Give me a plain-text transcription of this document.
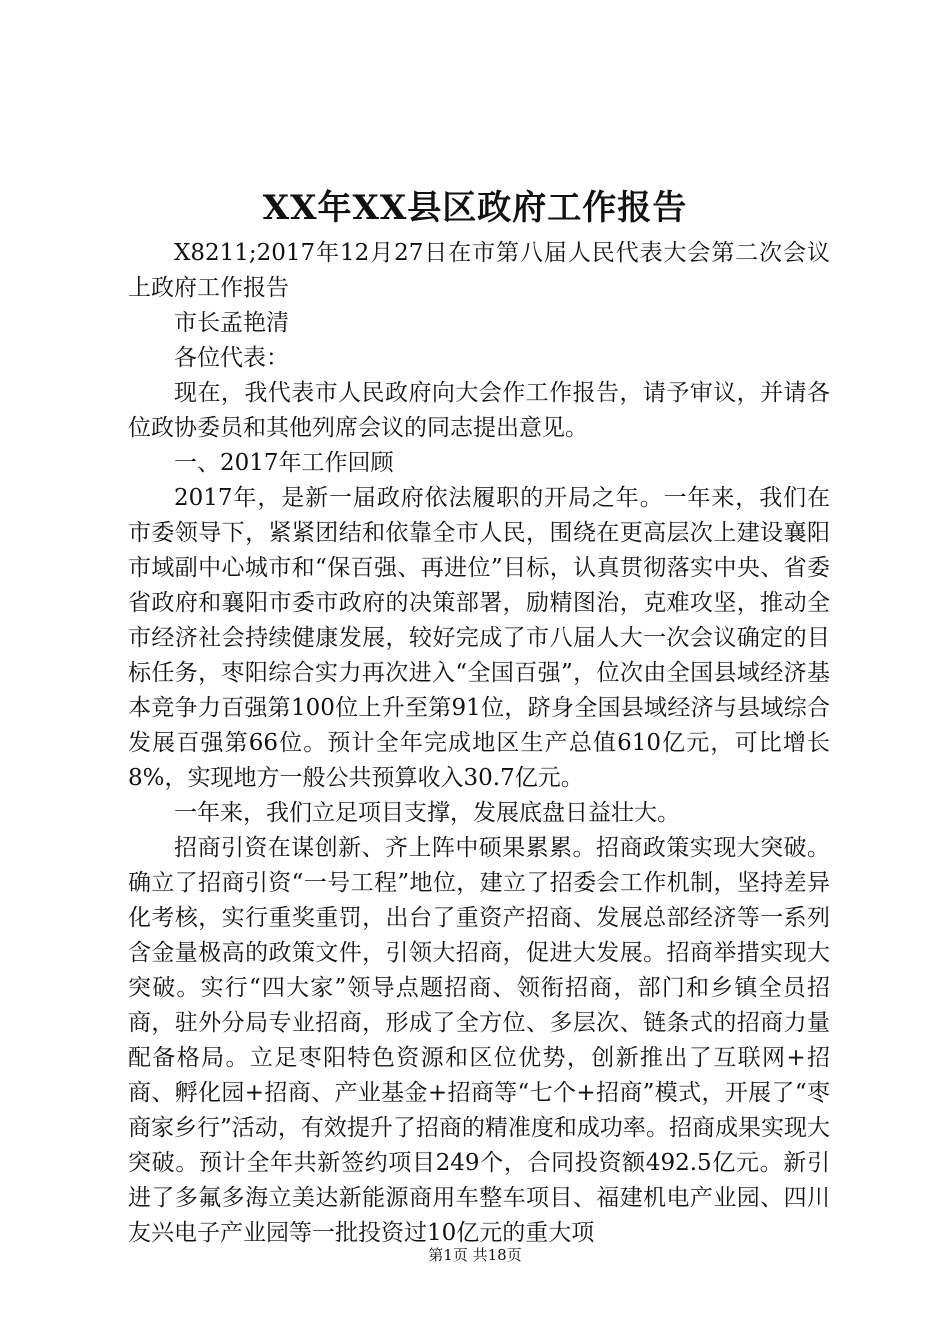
XX年XX县区政府工作报告

X8211;2017年12月27日在市第八届人民代表大会第二次会议上政府工作报告

市长孟艳清

各位代表：

现在，我代表市人民政府向大会作工作报告，请予审议，并请各位政协委员和其他列席会议的同志提出意见。

一、2017年工作回顾

2017年，是新一届政府依法履职的开局之年。一年来，我们在市委领导下，紧紧团结和依靠全市人民，围绕在更高层次上建设襄阳市域副中心城市和“保百强、再进位”目标，认真贯彻落实中央、省委省政府和襄阳市委市政府的决策部署，励精图治，克难攻坚，推动全市经济社会持续健康发展，较好完成了市八届人大一次会议确定的目标任务，枣阳综合实力再次进入“全国百强”，位次由全国县域经济基本竞争力百强第100位上升至第91位，跻身全国县域经济与县域综合发展百强第66位。预计全年完成地区生产总值610亿元，可比增长8%，实现地方一般公共预算收入30.7亿元。

一年来，我们立足项目支撑，发展底盘日益壮大。

招商引资在谋创新、齐上阵中硕果累累。招商政策实现大突破。确立了招商引资“一号工程”地位，建立了招委会工作机制，坚持差异化考核，实行重奖重罚，出台了重资产招商、发展总部经济等一系列含金量极高的政策文件，引领大招商，促进大发展。招商举措实现大突破。实行“四大家”领导点题招商、领衔招商，部门和乡镇全员招商，驻外分局专业招商，形成了全方位、多层次、链条式的招商力量配备格局。立足枣阳特色资源和区位优势，创新推出了互联网+招商、孵化园+招商、产业基金+招商等“七个+招商”模式，开展了“枣商家乡行”活动，有效提升了招商的精准度和成功率。招商成果实现大突破。预计全年共新签约项目249个，合同投资额492.5亿元。新引进了多氟多海立美达新能源商用车整车项目、福建机电产业园、四川友兴电子产业园等一批投资过10亿元的重大项

第1页 共18页
